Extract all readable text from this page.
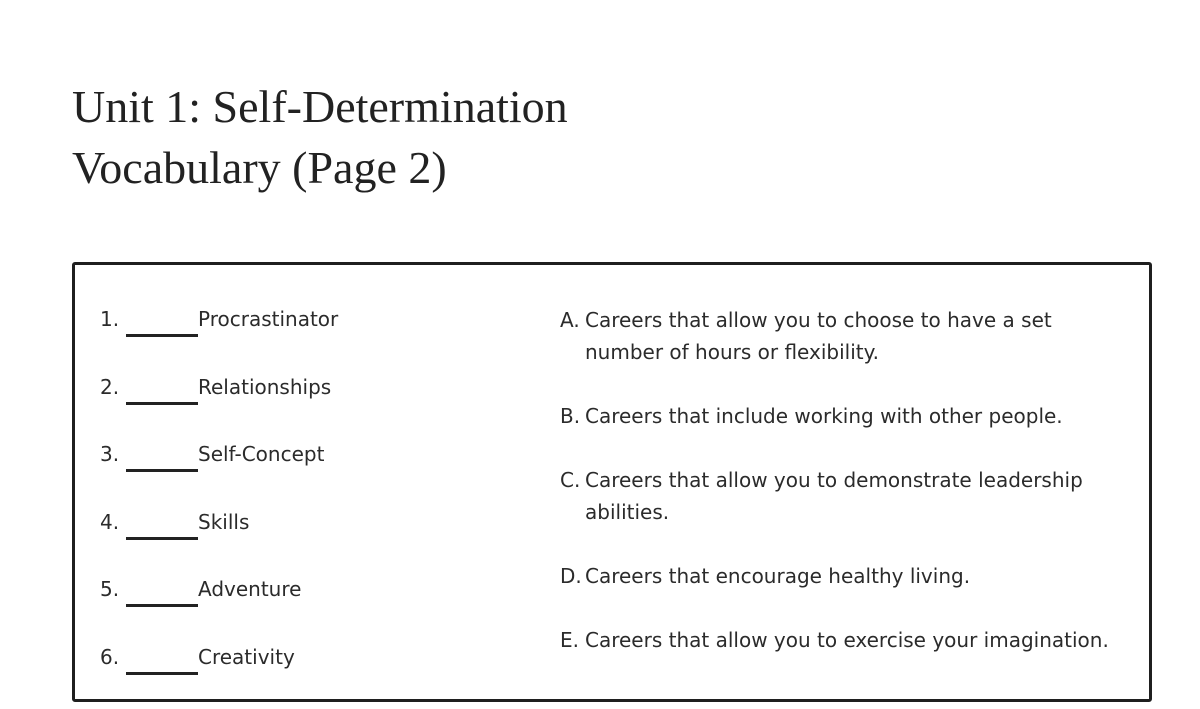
Unit 1: Self-Determination
Vocabulary (Page 2)
1.	Procrastinator
2.	Relationships
3.	Self-Concept
4.	Skills
5.	Adventure
6.	Creativity
A. Careers that allow you to choose to have a set number of hours or flexibility.
B. Careers that include working with other people.
C. Careers that allow you to demonstrate leadership abilities.
D. Careers that encourage healthy living.
E. Careers that allow you to exercise your imagination.
